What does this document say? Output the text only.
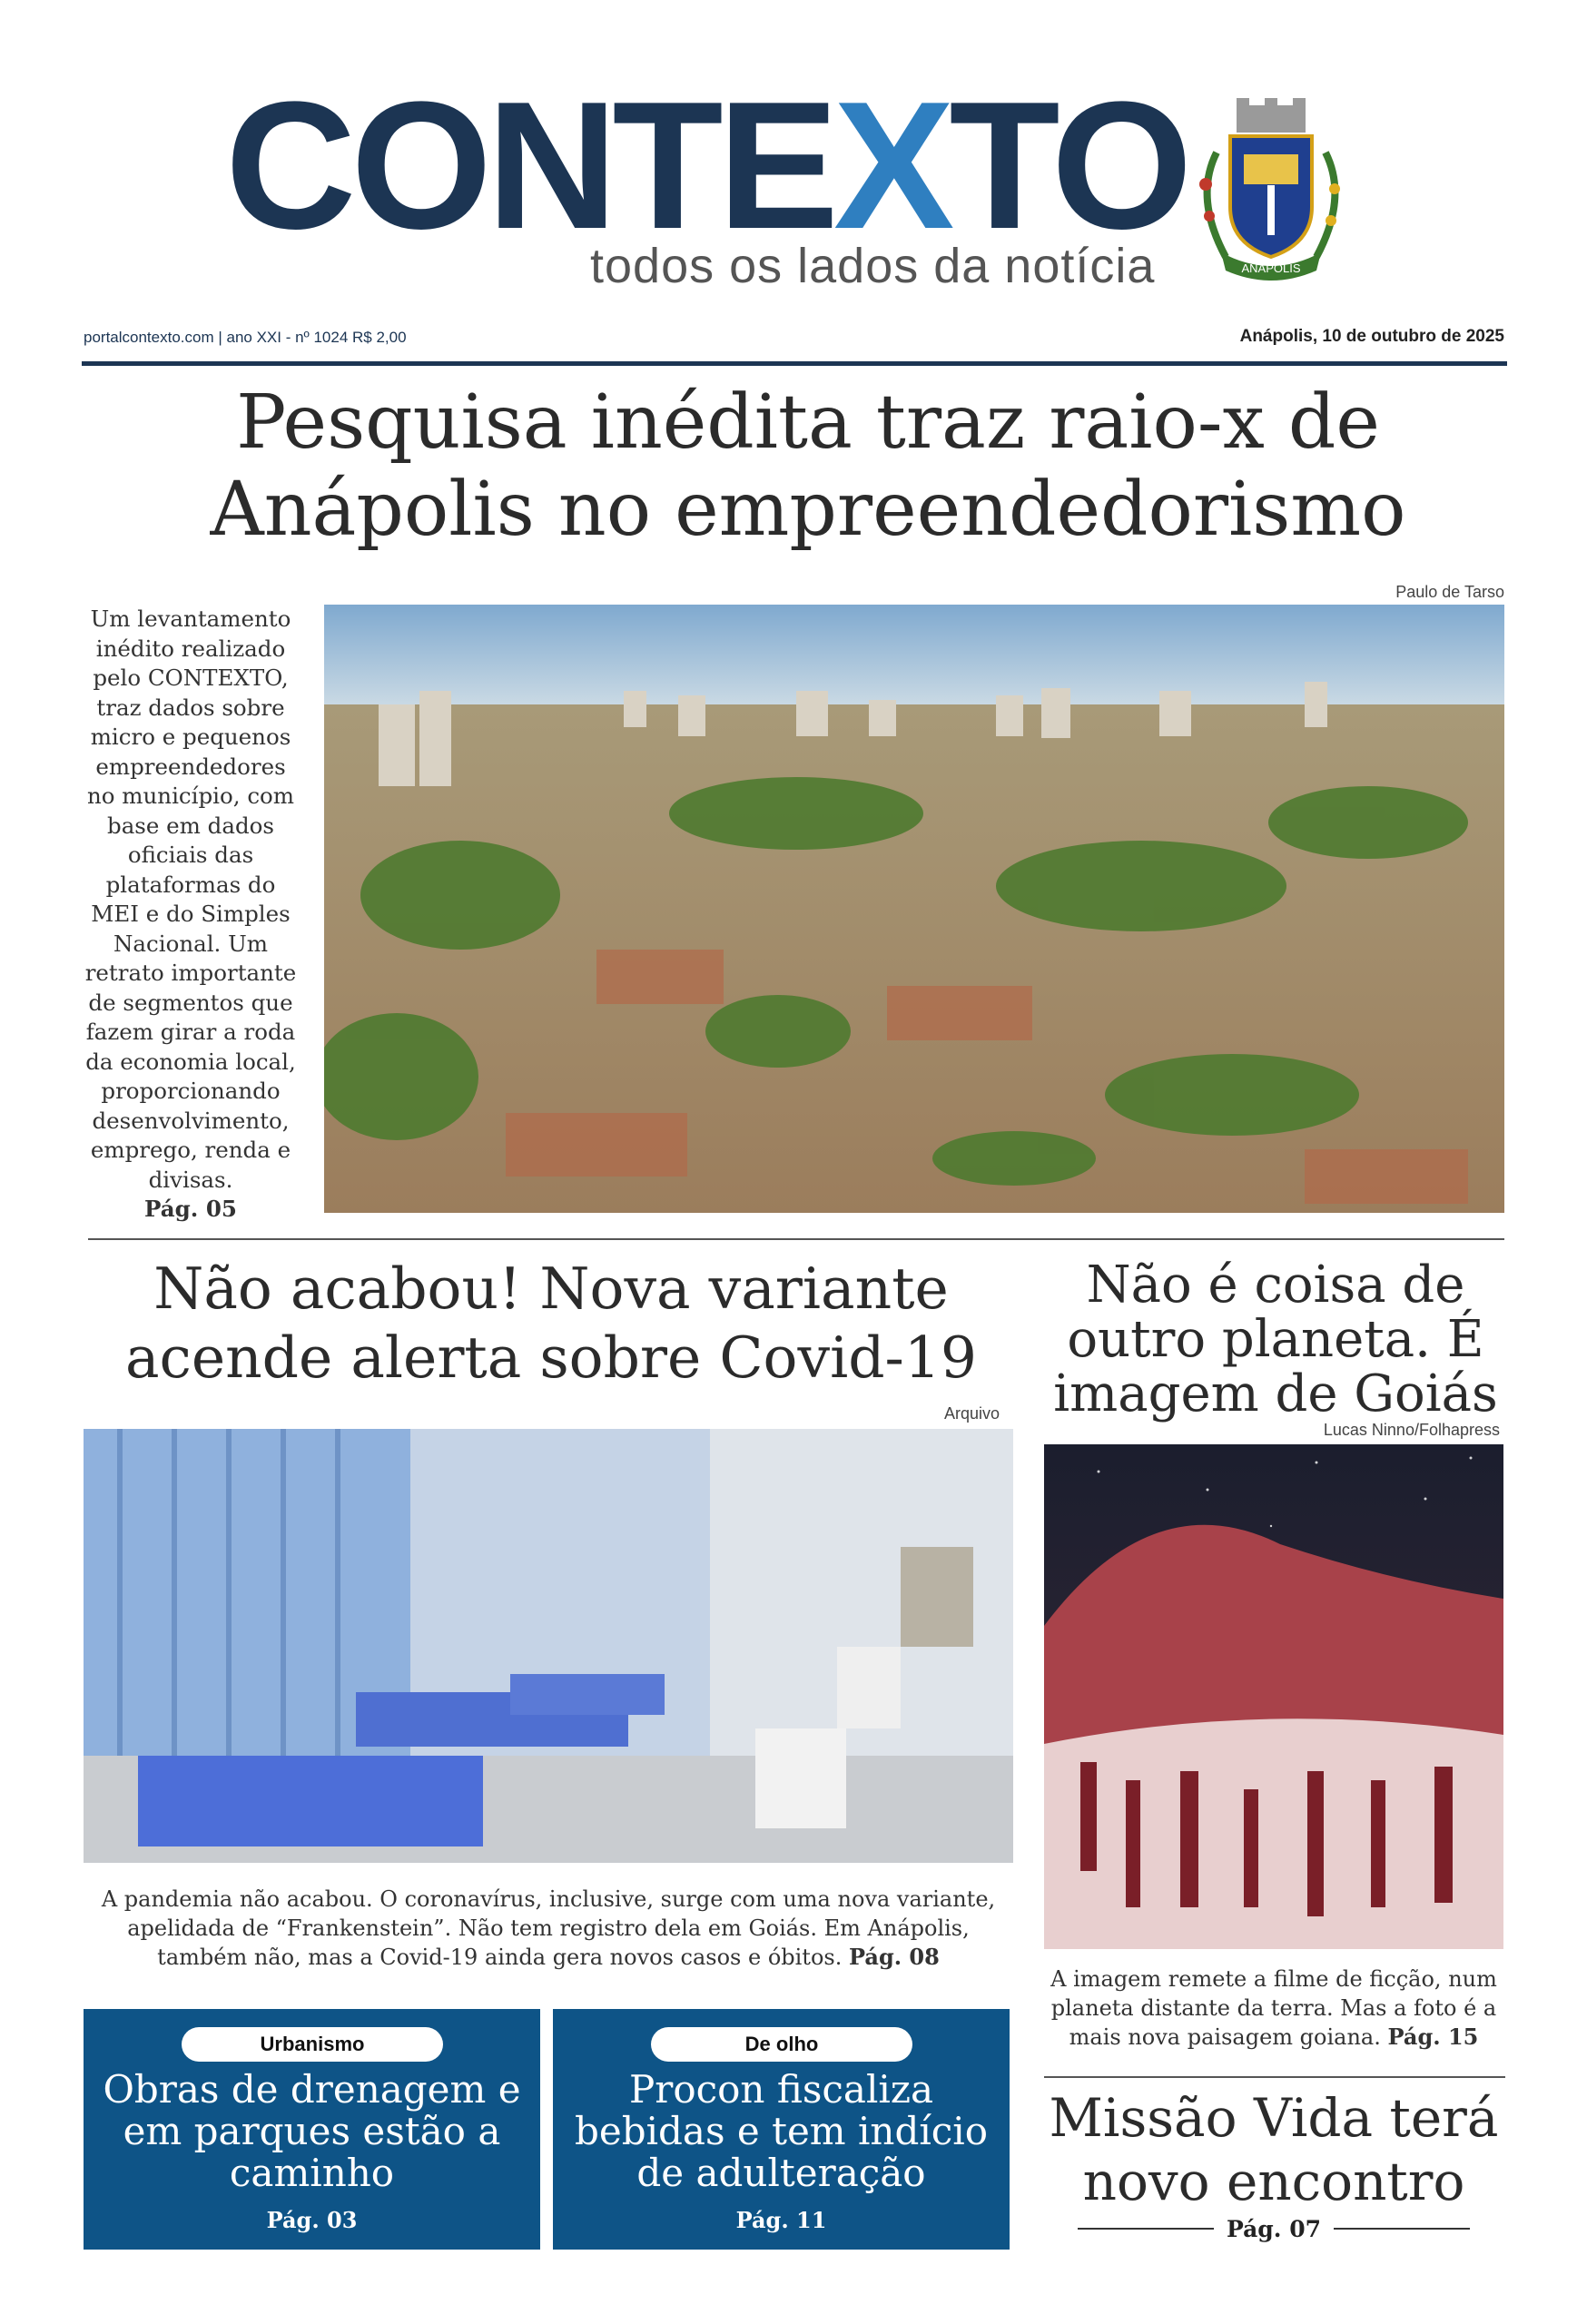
CONTEXTO
todos os lados da notícia	ANÁPOLIS
portalcontexto.com | ano XXI - nº 1024 R$ 2,00	Anápolis, 10 de outubro de 2025
Pesquisa inédita traz raio-x de Anápolis no empreendedorismo
Paulo de Tarso
Um levantamento inédito realizado pelo CONTEXTO, traz dados sobre micro e pequenos empreendedores no município, com base em dados oficiais das plataformas do MEI e do Simples Nacional. Um retrato importante de segmentos que fazem girar a roda da economia local, proporcionando desenvolvimento, emprego, renda e divisas.
Pág. 05
Não acabou! Nova variante acende alerta sobre Covid-19
Arquivo
A pandemia não acabou. O coronavírus, inclusive, surge com uma nova variante, apelidada de “Frankenstein”. Não tem registro dela em Goiás. Em Anápolis, também não, mas a Covid-19 ainda gera novos casos e óbitos. Pág. 08
Não é coisa de outro planeta. É imagem de Goiás
Lucas Ninno/Folhapress
A imagem remete a filme de ficção, num planeta distante da terra. Mas a foto é a mais nova paisagem goiana. Pág. 15
Urbanismo
Obras de drenagem e em parques estão a caminho
Pág. 03
De olho
Procon fiscaliza bebidas e tem indício de adulteração
Pág. 11
Missão Vida terá novo encontro
Pág. 07
